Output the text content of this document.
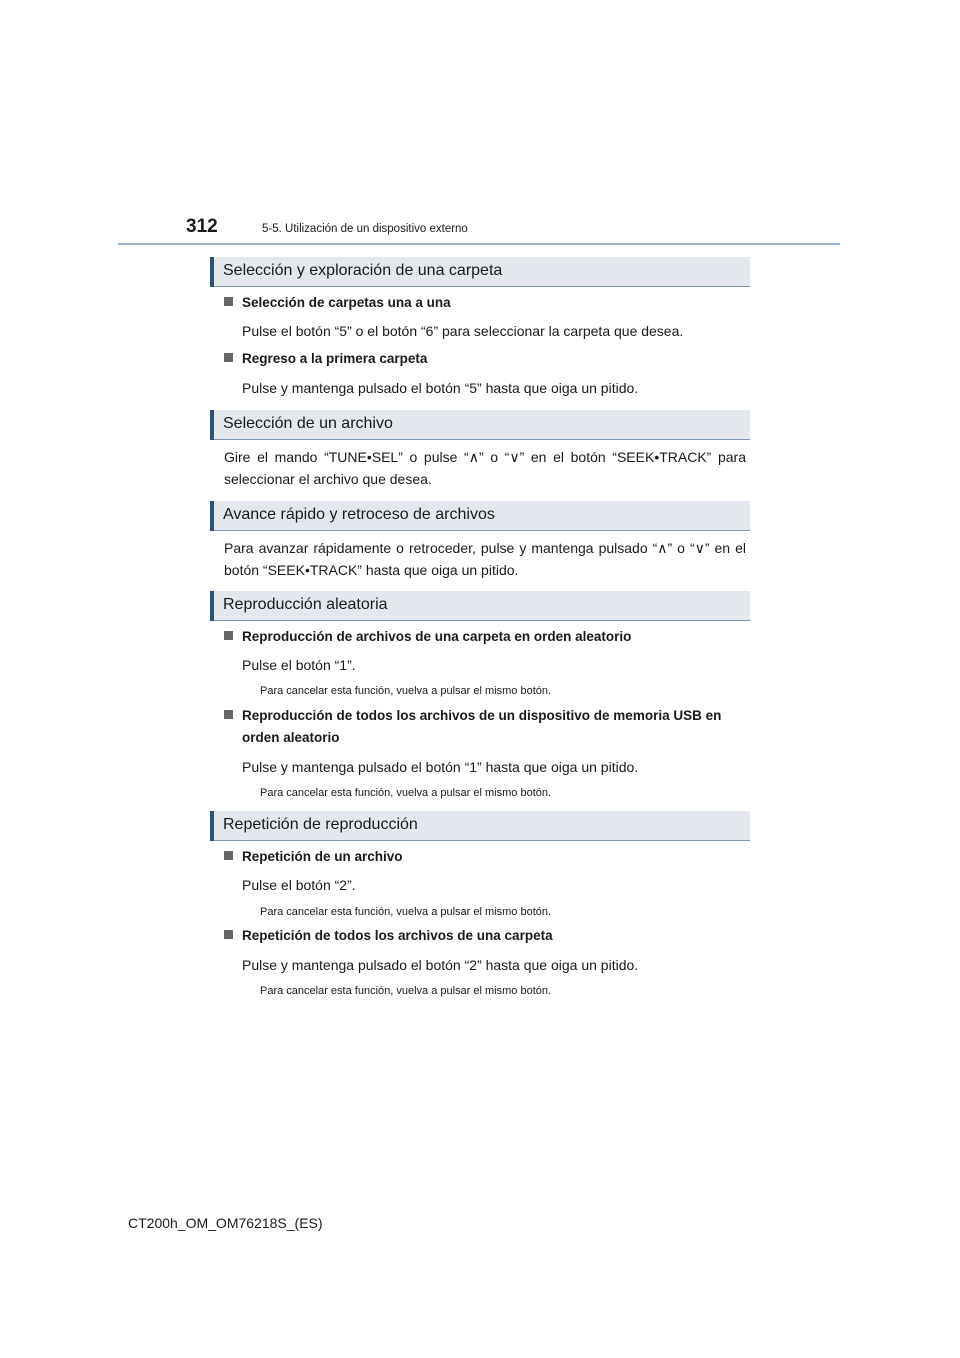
312	5-5. Utilización de un dispositivo externo
Selección y exploración de una carpeta
Selección de carpetas una a una
Pulse el botón “5” o el botón “6” para seleccionar la carpeta que desea.
Regreso a la primera carpeta
Pulse y mantenga pulsado el botón “5” hasta que oiga un pitido.
Selección de un archivo
Gire el mando “TUNE•SEL” o pulse “∧” o “∨” en el botón “SEEK•TRACK” para seleccionar el archivo que desea.
Avance rápido y retroceso de archivos
Para avanzar rápidamente o retroceder, pulse y mantenga pulsado “∧” o “∨” en el botón “SEEK•TRACK” hasta que oiga un pitido.
Reproducción aleatoria
Reproducción de archivos de una carpeta en orden aleatorio
Pulse el botón “1”.
Para cancelar esta función, vuelva a pulsar el mismo botón.
Reproducción de todos los archivos de un dispositivo de memoria USB en
orden aleatorio
Pulse y mantenga pulsado el botón “1” hasta que oiga un pitido.
Para cancelar esta función, vuelva a pulsar el mismo botón.
Repetición de reproducción
Repetición de un archivo
Pulse el botón “2”.
Para cancelar esta función, vuelva a pulsar el mismo botón.
Repetición de todos los archivos de una carpeta
Pulse y mantenga pulsado el botón “2” hasta que oiga un pitido.
Para cancelar esta función, vuelva a pulsar el mismo botón.
CT200h_OM_OM76218S_(ES)
